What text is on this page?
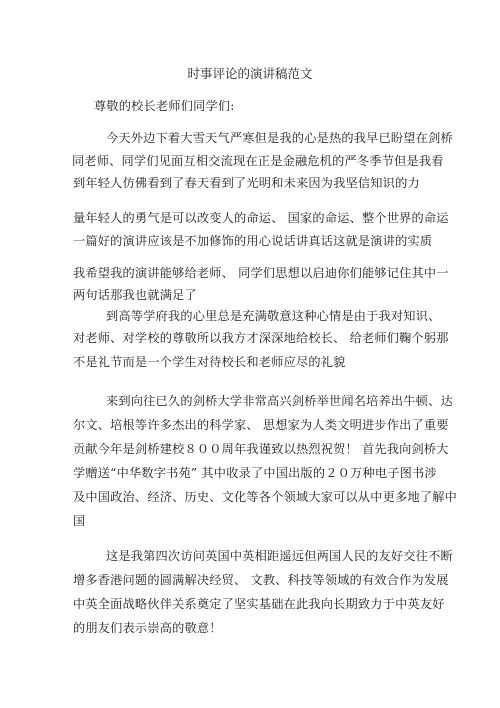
时事评论的演讲稿范文
尊敬的校长老师们同学们:
今天外边下着大雪天气严寒但是我的心是热的我早已盼望在剑桥
同老师、同学们见面互相交流现在正是金融危机的严冬季节但是我看
到年轻人仿佛看到了春天看到了光明和未来因为我坚信知识的力
量年轻人的勇气是可以改变人的命运、 国家的命运、整个世界的命运
一篇好的演讲应该是不加修饰的用心说话讲真话这就是演讲的实质
我希望我的演讲能够给老师、 同学们思想以启迪你们能够记住其中一
两句话那我也就满足了
到高等学府我的心里总是充满敬意这种心情是由于我对知识、
对老师、对学校的尊敬所以我方才深深地给校长、 给老师们鞠个躬那
不是礼节而是一个学生对待校长和老师应尽的礼貌
来到向往已久的剑桥大学非常高兴剑桥举世闻名培养出牛顿、达
尔文、培根等许多杰出的科学家、 思想家为人类文明进步作出了重要
贡献今年是剑桥建校８００周年我谨致以热烈祝贺！ 首先我向剑桥大
学赠送“中华数字书苑” 其中收录了中国出版的２０万种电子图书涉
及中国政治、经济、历史、文化等各个领域大家可以从中更多地了解中
国
这是我第四次访问英国中英相距遥远但两国人民的友好交往不断
增多香港问题的圆满解决经贸、 文教、科技等领域的有效合作为发展
中英全面战略伙伴关系奠定了坚实基础在此我向长期致力于中英友好
的朋友们表示崇高的敬意！
